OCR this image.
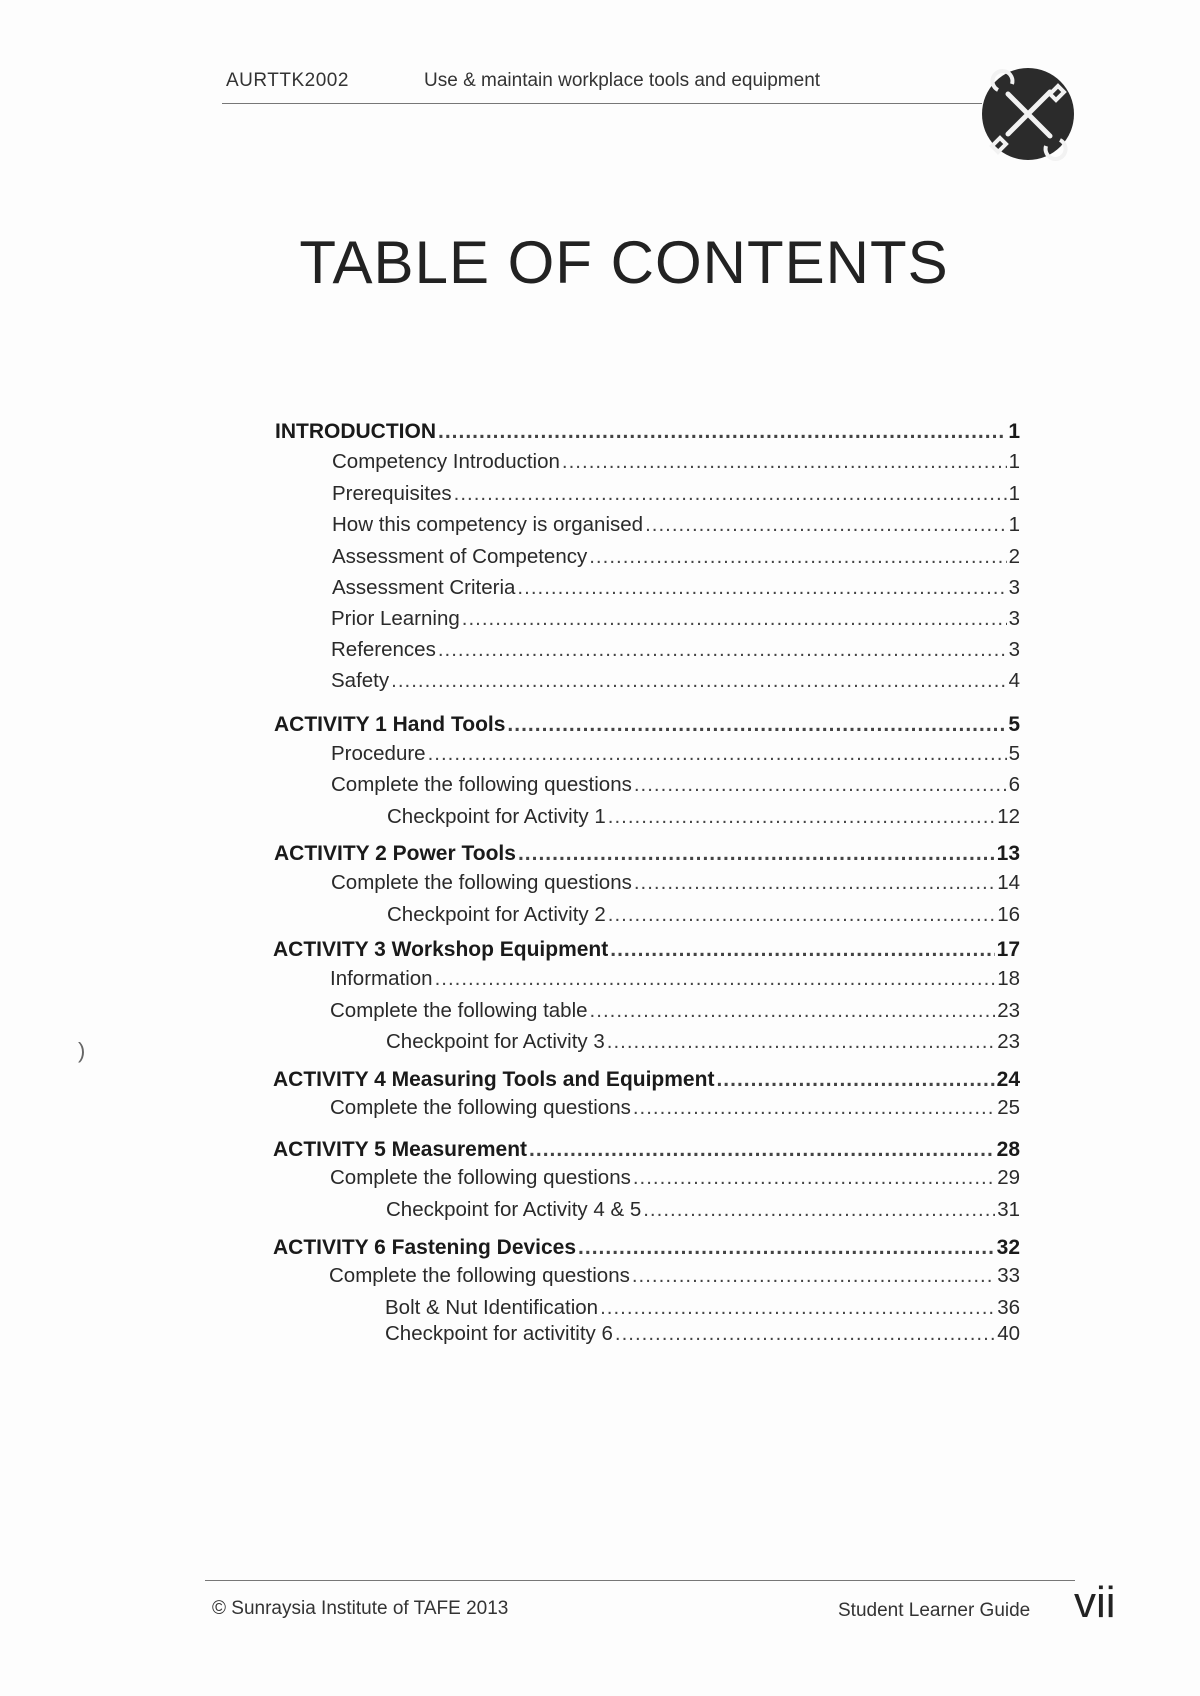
AURTTK2002	Use & maintain workplace tools and equipment
TABLE OF CONTENTS
INTRODUCTION .....	1
Competency Introduction .....	1
Prerequisites .....	1
How this competency is organised .....	1
Assessment of Competency .....	2
Assessment Criteria .....	3
Prior Learning .....	3
References .....	3
Safety .....	4
ACTIVITY 1 Hand Tools .....	5
Procedure .....	5
Complete the following questions .....	6
Checkpoint for Activity 1 .....	12
ACTIVITY 2 Power Tools .....	13
Complete the following questions .....	14
Checkpoint for Activity 2 .....	16
ACTIVITY 3 Workshop Equipment .....	17
Information .....	18
Complete the following table .....	23
Checkpoint for Activity 3 .....	23
ACTIVITY 4 Measuring Tools and Equipment .....	24
Complete the following questions .....	25
ACTIVITY 5 Measurement .....	28
Complete the following questions .....	29
Checkpoint for Activity 4 & 5 .....	31
ACTIVITY 6 Fastening Devices .....	32
Complete the following questions .....	33
Bolt & Nut Identification .....	36
Checkpoint for activitity 6 .....	40
© Sunraysia Institute of TAFE 2013	Student Learner Guide vii
)
